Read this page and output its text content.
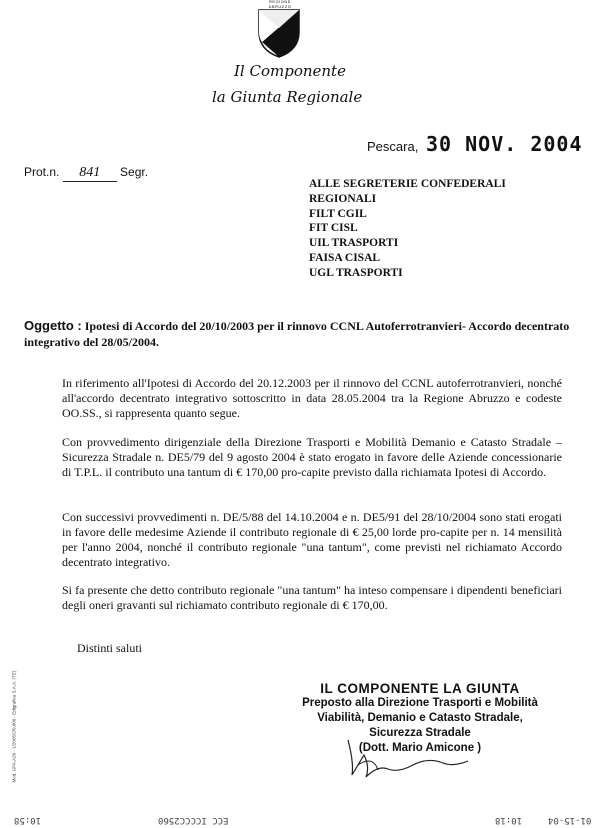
REGIONE ABRUZZO
Il Componente
la Giunta Regionale
Pescara, 30 NOV. 2004
Prot.n. 841 Segr.
ALLE SEGRETERIE CONFEDERALI
REGIONALI
FILT CGIL
FIT CISL
UIL TRASPORTI
FAISA CISAL
UGL TRASPORTI
Oggetto : Ipotesi di Accordo del 20/10/2003 per il rinnovo CCNL Autoferrotranvieri- Accordo decentrato integrativo del 28/05/2004.
In riferimento all'Ipotesi di Accordo del 20.12.2003 per il rinnovo del CCNL autoferrotranvieri, nonché all'accordo decentrato integrativo sottoscritto in data 28.05.2004 tra la Regione Abruzzo e codeste OO.SS., si rappresenta quanto segue.
Con provvedimento dirigenziale della Direzione Trasporti e Mobilità Demanio e Catasto Stradale – Sicurezza Stradale n. DE5/79 del 9 agosto 2004 è stato erogato in favore delle Aziende concessionarie di T.P.L. il contributo una tantum di € 170,00 pro-capite previsto dalla richiamata Ipotesi di Accordo.
Con successivi provvedimenti n. DE/5/88 del 14.10.2004 e n. DE5/91 del 28/10/2004 sono stati erogati in favore delle medesime Aziende il contributo regionale di € 25,00 lorde pro-capite per n. 14 mensilità per l'anno 2004, nonché il contributo regionale "una tantum", come previsti nel richiamato Accordo decentrato integrativo.
Si fa presente che detto contributo regionale "una tantum" ha inteso compensare i dipendenti beneficiari degli oneri gravanti sul richiamato contributo regionale di € 170,00.
Distinti saluti
IL COMPONENTE LA GIUNTA
Preposto alla Direzione Trasporti e Mobilità
Viabilità, Demanio e Catasto Stradale,
Sicurezza Stradale
(Dott. Mario Amicone )
Mod. GPA.A20 - 1/2005/2/0,000 - Edigrafica S.A.A. (TE)
10:58	ECC ICCCC2560	10:18	01-15-04
